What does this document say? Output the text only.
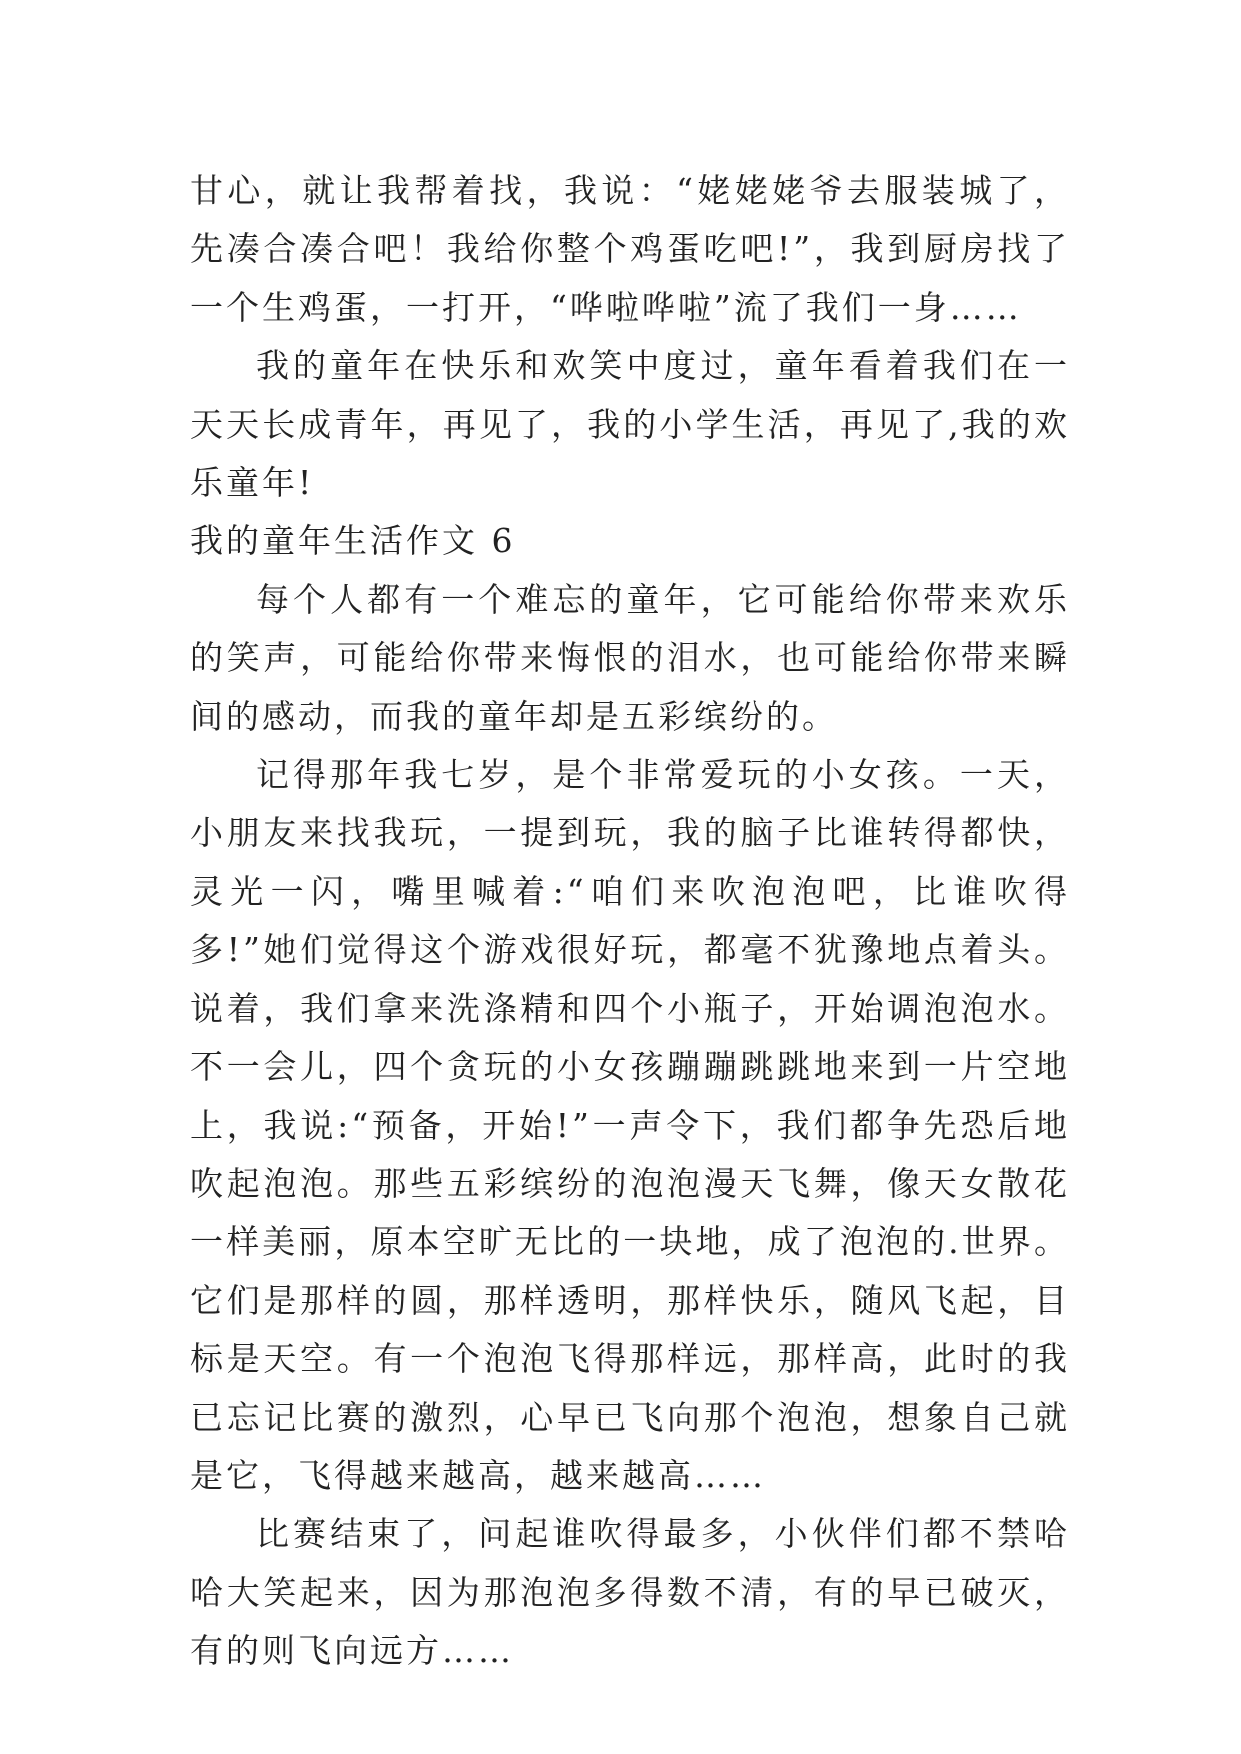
甘心，就让我帮着找，我说：“姥姥姥爷去服装城了，先凑合凑合吧！我给你整个鸡蛋吃吧!”，我到厨房找了一个生鸡蛋，一打开，“哗啦哗啦”流了我们一身……

我的童年在快乐和欢笑中度过，童年看着我们在一天天长成青年，再见了，我的小学生活，再见了,我的欢乐童年!

我的童年生活作文 6

每个人都有一个难忘的童年，它可能给你带来欢乐的笑声，可能给你带来悔恨的泪水，也可能给你带来瞬间的感动，而我的童年却是五彩缤纷的。

记得那年我七岁，是个非常爱玩的小女孩。一天，小朋友来找我玩，一提到玩，我的脑子比谁转得都快，灵光一闪，嘴里喊着:“咱们来吹泡泡吧，比谁吹得多!”她们觉得这个游戏很好玩，都毫不犹豫地点着头。说着，我们拿来洗涤精和四个小瓶子，开始调泡泡水。不一会儿，四个贪玩的小女孩蹦蹦跳跳地来到一片空地上，我说:“预备，开始!”一声令下，我们都争先恐后地吹起泡泡。那些五彩缤纷的泡泡漫天飞舞，像天女散花一样美丽，原本空旷无比的一块地，成了泡泡的.世界。它们是那样的圆，那样透明，那样快乐，随风飞起，目标是天空。有一个泡泡飞得那样远，那样高，此时的我已忘记比赛的激烈，心早已飞向那个泡泡，想象自己就是它，飞得越来越高，越来越高……

比赛结束了，问起谁吹得最多，小伙伴们都不禁哈哈大笑起来，因为那泡泡多得数不清，有的早已破灭，有的则飞向远方……
